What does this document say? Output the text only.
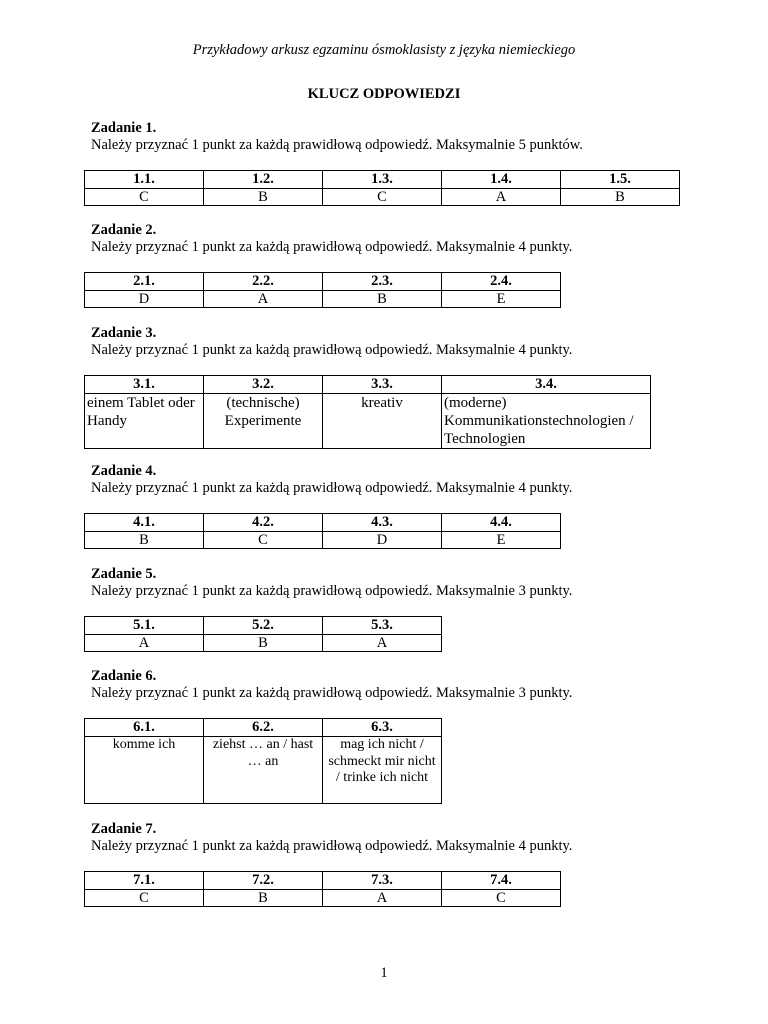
Przykładowy arkusz egzaminu ósmoklasisty z języka niemieckiego
KLUCZ ODPOWIEDZI
Zadanie 1.
Należy przyznać 1 punkt za każdą prawidłową odpowiedź. Maksymalnie 5 punktów.
1.1.	1.2.	1.3.	1.4.	1.5.
C	B	C	A	B
Zadanie 2.
Należy przyznać 1 punkt za każdą prawidłową odpowiedź. Maksymalnie 4 punkty.
2.1.	2.2.	2.3.	2.4.
D	A	B	E
Zadanie 3.
Należy przyznać 1 punkt za każdą prawidłową odpowiedź. Maksymalnie 4 punkty.
3.1.	3.2.	3.3.	3.4.
einem Tablet oder Handy	(technische) Experimente	kreativ	(moderne) Kommunikationstechnologien / Technologien
Zadanie 4.
Należy przyznać 1 punkt za każdą prawidłową odpowiedź. Maksymalnie 4 punkty.
4.1.	4.2.	4.3.	4.4.
B	C	D	E
Zadanie 5.
Należy przyznać 1 punkt za każdą prawidłową odpowiedź. Maksymalnie 3 punkty.
5.1.	5.2.	5.3.
A	B	A
Zadanie 6.
Należy przyznać 1 punkt za każdą prawidłową odpowiedź. Maksymalnie 3 punkty.
6.1.	6.2.	6.3.
komme ich	ziehst … an / hast … an	mag ich nicht / schmeckt mir nicht / trinke ich nicht
Zadanie 7.
Należy przyznać 1 punkt za każdą prawidłową odpowiedź. Maksymalnie 4 punkty.
7.1.	7.2.	7.3.	7.4.
C	B	A	C
1
